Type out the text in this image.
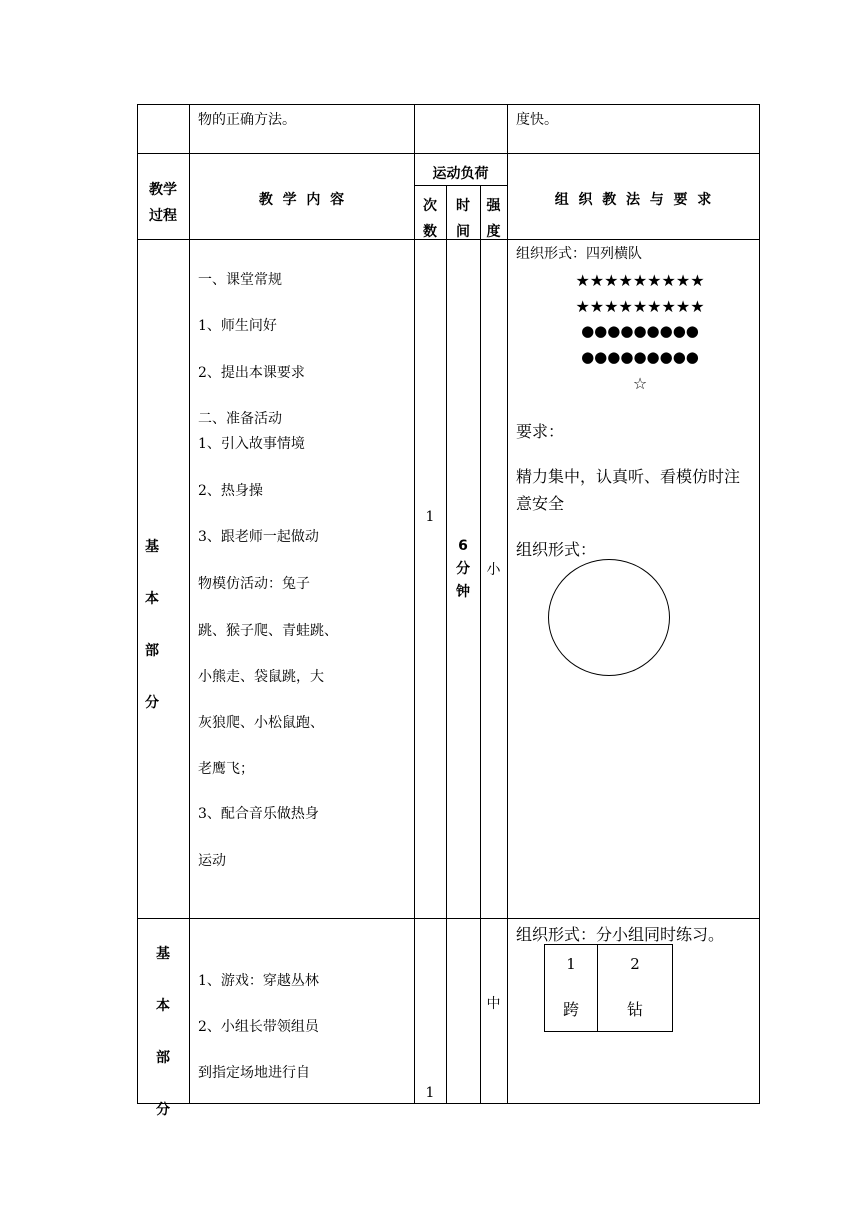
物的正确方法。	度快。
教学
过程
教  学  内  容
运动负荷
次
数
时
间
强
度
组  织  教  法  与  要  求
基
本
部
分
一、课堂常规
1、师生问好
2、提出本课要求
二、准备活动
1、引入故事情境
2、热身操
3、跟老师一起做动
物模仿活动：兔子
跳、猴子爬、青蛙跳、
小熊走、袋鼠跳，大
灰狼爬、小松鼠跑、
老鹰飞；
3、配合音乐做热身
运动
1
6
分
钟
小
组织形式：四列横队
★★★★★★★★★
★★★★★★★★★
●●●●●●●●●
●●●●●●●●●
☆
要求：
精力集中，认真听、看模仿时注
意安全
组织形式：
基
本
部
分
1、游戏：穿越丛林
2、小组长带领组员
到指定场地进行自
1
中
组织形式：分小组同时练习。
1
跨
2
钻
